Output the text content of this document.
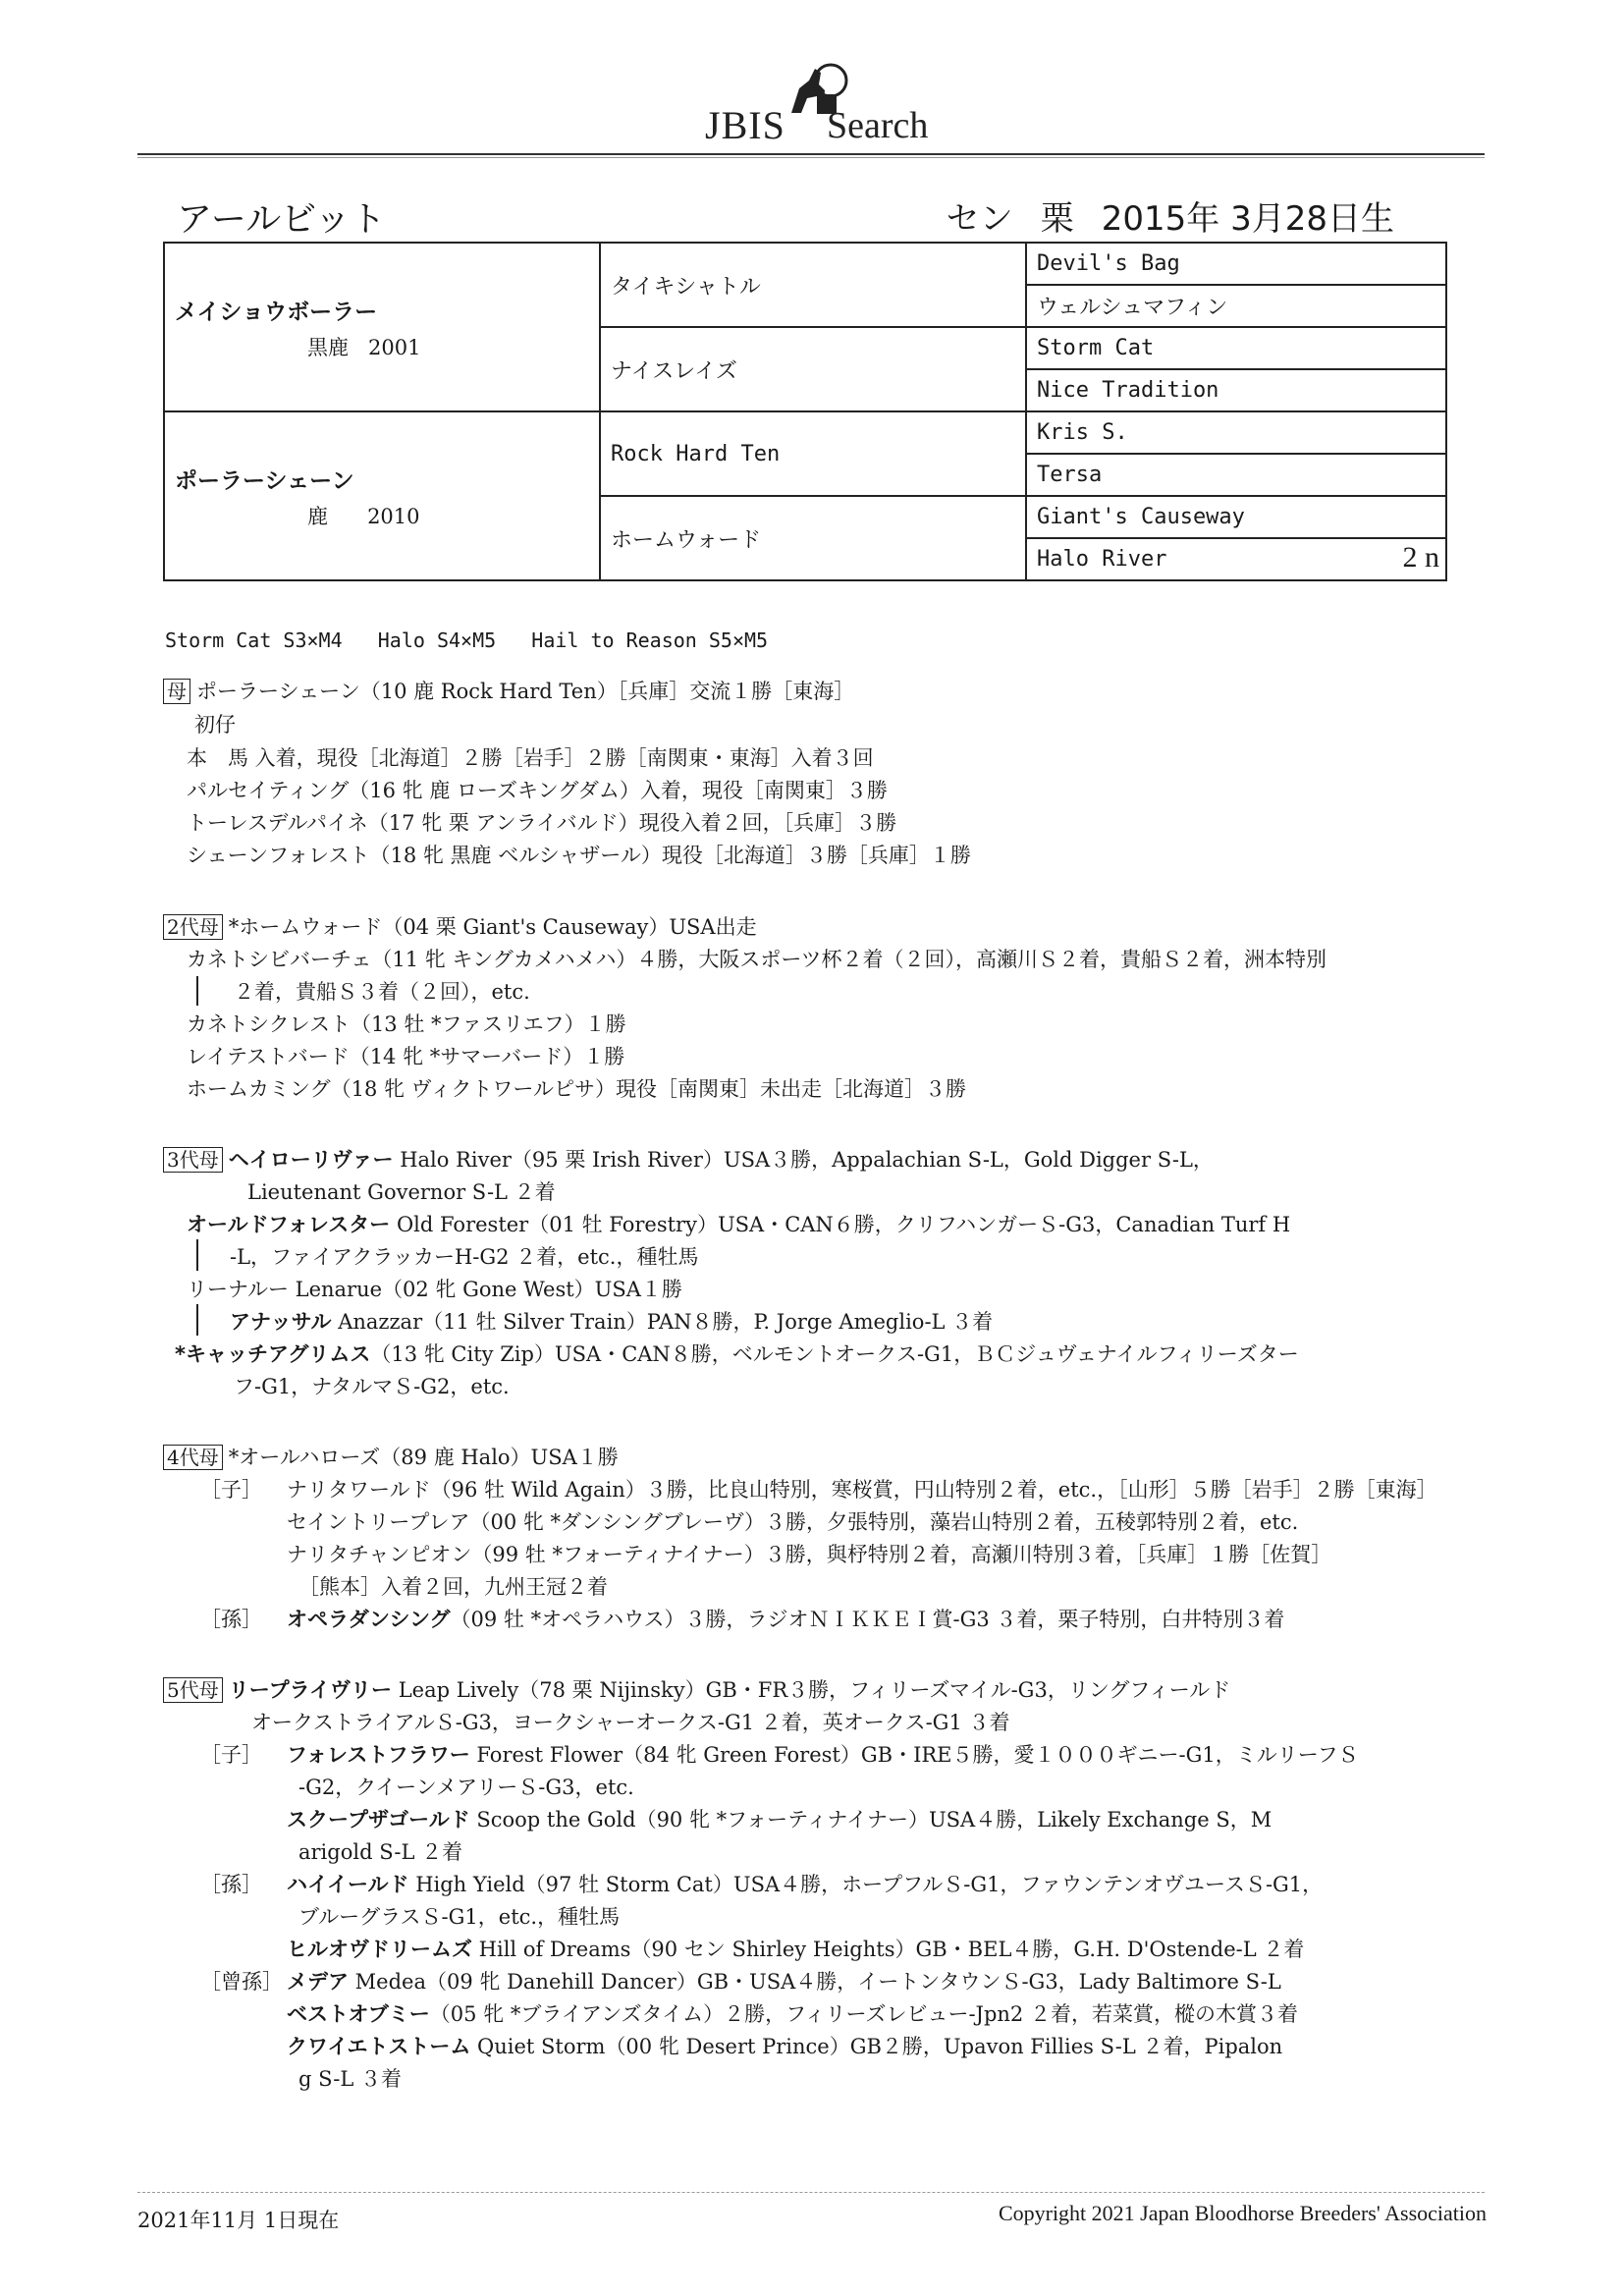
JBIS Search
アールビット	セン 栗 2015年 3月28日生
メイショウボーラー
黒鹿 2001	タイキシャトル	Devil's Bag
		ウェルシュマフィン
	ナイスレイズ	Storm Cat
		Nice Tradition

ポーラーシェーン
鹿 2010	Rock Hard Ten	Kris S.
		Tersa
	ホームウォード	Giant's Causeway
		Halo River 2 n
Storm Cat S3×M4   Halo S4×M5   Hail to Reason S5×M5
母 ポーラーシェーン（10 鹿 Rock Hard Ten）［兵庫］交流１勝［東海］
初仔
本　馬 入着，現役［北海道］２勝［岩手］２勝［南関東・東海］入着３回
パルセイティング（16 牝 鹿 ローズキングダム）入着，現役［南関東］３勝
トーレスデルパイネ（17 牝 栗 アンライバルド）現役入着２回，［兵庫］３勝
シェーンフォレスト（18 牝 黒鹿 ベルシャザール）現役［北海道］３勝［兵庫］１勝
2代母 *ホームウォード（04 栗 Giant's Causeway）USA出走
カネトシビバーチェ（11 牝 キングカメハメハ）４勝，大阪スポーツ杯２着（２回），高瀬川Ｓ２着，貴船Ｓ２着，洲本特別
２着，貴船Ｓ３着（２回），etc.
カネトシクレスト（13 牡 *ファスリエフ）１勝
レイテストバード（14 牝 *サマーバード）１勝
ホームカミング（18 牝 ヴィクトワールピサ）現役［南関東］未出走［北海道］３勝
3代母 ヘイローリヴァー Halo River（95 栗 Irish River）USA３勝，Appalachian S-L，Gold Digger S-L，
Lieutenant Governor S-L ２着
オールドフォレスター Old Forester（01 牡 Forestry）USA・CAN６勝，クリフハンガーＳ-G3，Canadian Turf H
-L，ファイアクラッカーH-G2 ２着，etc.，種牡馬
リーナルー Lenarue（02 牝 Gone West）USA１勝
アナッサル Anazzar（11 牡 Silver Train）PAN８勝，P. Jorge Ameglio-L ３着
*キャッチアグリムス（13 牝 City Zip）USA・CAN８勝，ベルモントオークス-G1，ＢＣジュヴェナイルフィリーズター
フ-G1，ナタルマＳ-G2，etc.
4代母 *オールハローズ（89 鹿 Halo）USA１勝
［子］ ナリタワールド（96 牡 Wild Again）３勝，比良山特別，寒桜賞，円山特別２着，etc.，［山形］５勝［岩手］２勝［東海］
セイントリープレア（00 牝 *ダンシングブレーヴ）３勝，夕張特別，藻岩山特別２着，五稜郭特別２着，etc.
ナリタチャンピオン（99 牡 *フォーティナイナー）３勝，與杼特別２着，高瀬川特別３着，［兵庫］１勝［佐賀］
［熊本］入着２回，九州王冠２着
［孫］ オペラダンシング（09 牡 *オペラハウス）３勝，ラジオＮＩＫＫＥＩ賞-G3 ３着，栗子特別，白井特別３着
5代母 リープライヴリー Leap Lively（78 栗 Nijinsky）GB・FR３勝，フィリーズマイル-G3，リングフィールド
オークストライアルＳ-G3，ヨークシャーオークス-G1 ２着，英オークス-G1 ３着
［子］ フォレストフラワー Forest Flower（84 牝 Green Forest）GB・IRE５勝，愛１０００ギニー-G1，ミルリーフＳ
-G2，クイーンメアリーＳ-G3，etc.
スクープザゴールド Scoop the Gold（90 牝 *フォーティナイナー）USA４勝，Likely Exchange S，M
arigold S-L ２着
［孫］ ハイイールド High Yield（97 牡 Storm Cat）USA４勝，ホープフルＳ-G1，ファウンテンオヴユースＳ-G1，
ブルーグラスＳ-G1，etc.，種牡馬
ヒルオヴドリームズ Hill of Dreams（90 セン Shirley Heights）GB・BEL４勝，G.H. D'Ostende-L ２着
［曾孫］ メデア Medea（09 牝 Danehill Dancer）GB・USA４勝，イートンタウンＳ-G3，Lady Baltimore S-L
ベストオブミー（05 牝 *ブライアンズタイム）２勝，フィリーズレビュー-Jpn2 ２着，若菜賞，樅の木賞３着
クワイエトストーム Quiet Storm（00 牝 Desert Prince）GB２勝，Upavon Fillies S-L ２着，Pipalon
g S-L ３着
2021年11月 1日現在	Copyright 2021 Japan Bloodhorse Breeders' Association
